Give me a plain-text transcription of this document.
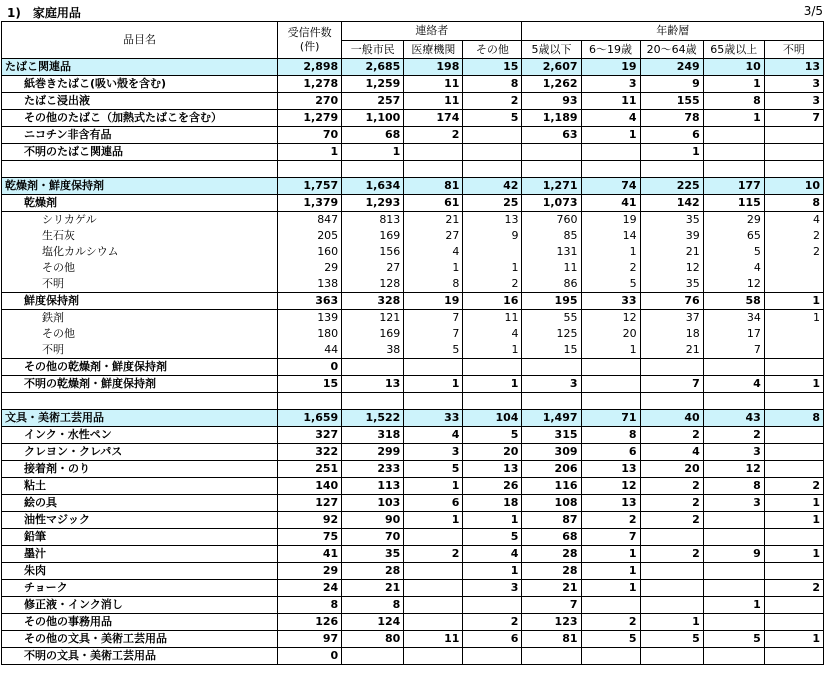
1)　家庭用品	3/5
品目名	受信件数
(件)	連絡者			年齢層				
		一般市民	医療機関	その他	5歳以下	6～19歳	20～64歳	65歳以上	不明
たばこ関連品	2,898	2,685	198	15	2,607	19	249	10	13
紙巻きたばこ(吸い殻を含む)	1,278	1,259	11	8	1,262	3	9	1	3
たばこ浸出液	270	257	11	2	93	11	155	8	3
その他のたばこ（加熱式たばこを含む）	1,279	1,100	174	5	1,189	4	78	1	7
ニコチン非含有品	70	68	2		63	1	6		
不明のたばこ関連品	1	1					1		

乾燥剤・鮮度保持剤	1,757	1,634	81	42	1,271	74	225	177	10
乾燥剤	1,379	1,293	61	25	1,073	41	142	115	8
シリカゲル	847	813	21	13	760	19	35	29	4
生石灰	205	169	27	9	85	14	39	65	2
塩化カルシウム	160	156	4		131	1	21	5	2
その他	29	27	1	1	11	2	12	4	
不明	138	128	8	2	86	5	35	12	
鮮度保持剤	363	328	19	16	195	33	76	58	1
鉄剤	139	121	7	11	55	12	37	34	1
その他	180	169	7	4	125	20	18	17	
不明	44	38	5	1	15	1	21	7	
その他の乾燥剤・鮮度保持剤	0								
不明の乾燥剤・鮮度保持剤	15	13	1	1	3		7	4	1

文具・美術工芸用品	1,659	1,522	33	104	1,497	71	40	43	8
インク・水性ペン	327	318	4	5	315	8	2	2	
クレヨン・クレパス	322	299	3	20	309	6	4	3	
接着剤・のり	251	233	5	13	206	13	20	12	
粘土	140	113	1	26	116	12	2	8	2
絵の具	127	103	6	18	108	13	2	3	1
油性マジック	92	90	1	1	87	2	2		1
鉛筆	75	70		5	68	7			
墨汁	41	35	2	4	28	1	2	9	1
朱肉	29	28		1	28	1			
チョーク	24	21		3	21	1			2
修正液・インク消し	8	8			7			1	
その他の事務用品	126	124		2	123	2	1		
その他の文具・美術工芸用品	97	80	11	6	81	5	5	5	1
不明の文具・美術工芸用品	0								
